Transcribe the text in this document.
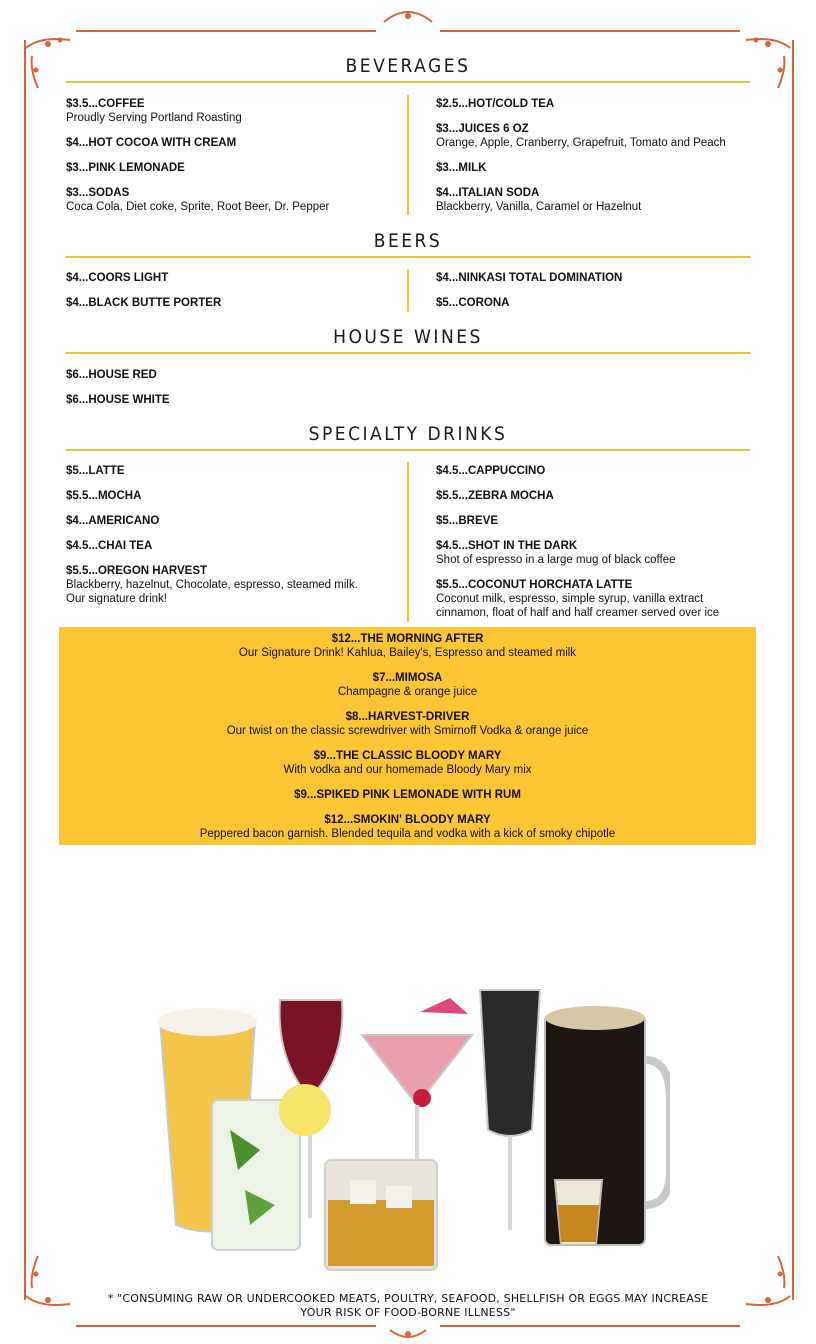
BEVERAGES
$3.5...COFFEE
Proudly Serving Portland Roasting
$4...HOT COCOA WITH CREAM
$3...PINK LEMONADE
$3...SODAS
Coca Cola, Diet coke, Sprite, Root Beer, Dr. Pepper
$2.5...HOT/COLD TEA
$3...JUICES 6 OZ
Orange, Apple, Cranberry, Grapefruit, Tomato and Peach
$3...MILK
$4...ITALIAN SODA
Blackberry, Vanilla, Caramel or Hazelnut
BEERS
$4...COORS LIGHT
$4...BLACK BUTTE PORTER
$4...NINKASI TOTAL DOMINATION
$5...CORONA
HOUSE WINES
$6...HOUSE RED
$6...HOUSE WHITE
SPECIALTY DRINKS
$5...LATTE
$5.5...MOCHA
$4...AMERICANO
$4.5...CHAI TEA
$5.5...OREGON HARVEST
Blackberry, hazelnut, Chocolate, espresso, steamed milk.
Our signature drink!
$4.5...CAPPUCCINO
$5.5...ZEBRA MOCHA
$5...BREVE
$4.5...SHOT IN THE DARK
Shot of espresso in a large mug of black coffee
$5.5...COCONUT HORCHATA LATTE
Coconut milk, espresso, simple syrup, vanilla extract
cinnamon, float of half and half creamer served over ice
$12...THE MORNING AFTER
Our Signature Drink! Kahlua, Bailey's, Espresso and steamed milk
$7...MIMOSA
Champagne & orange juice
$8...HARVEST-DRIVER
Our twist on the classic screwdriver with Smirnoff Vodka & orange juice
$9...THE CLASSIC BLOODY MARY
With vodka and our homemade Bloody Mary mix
$9...SPIKED PINK LEMONADE WITH RUM
$12...SMOKIN' BLOODY MARY
Peppered bacon garnish. Blended tequila and vodka with a kick of smoky chipotle
* "CONSUMING RAW OR UNDERCOOKED MEATS, POULTRY, SEAFOOD, SHELLFISH OR EGGS MAY INCREASE
YOUR RISK OF FOOD-BORNE ILLNESS"
